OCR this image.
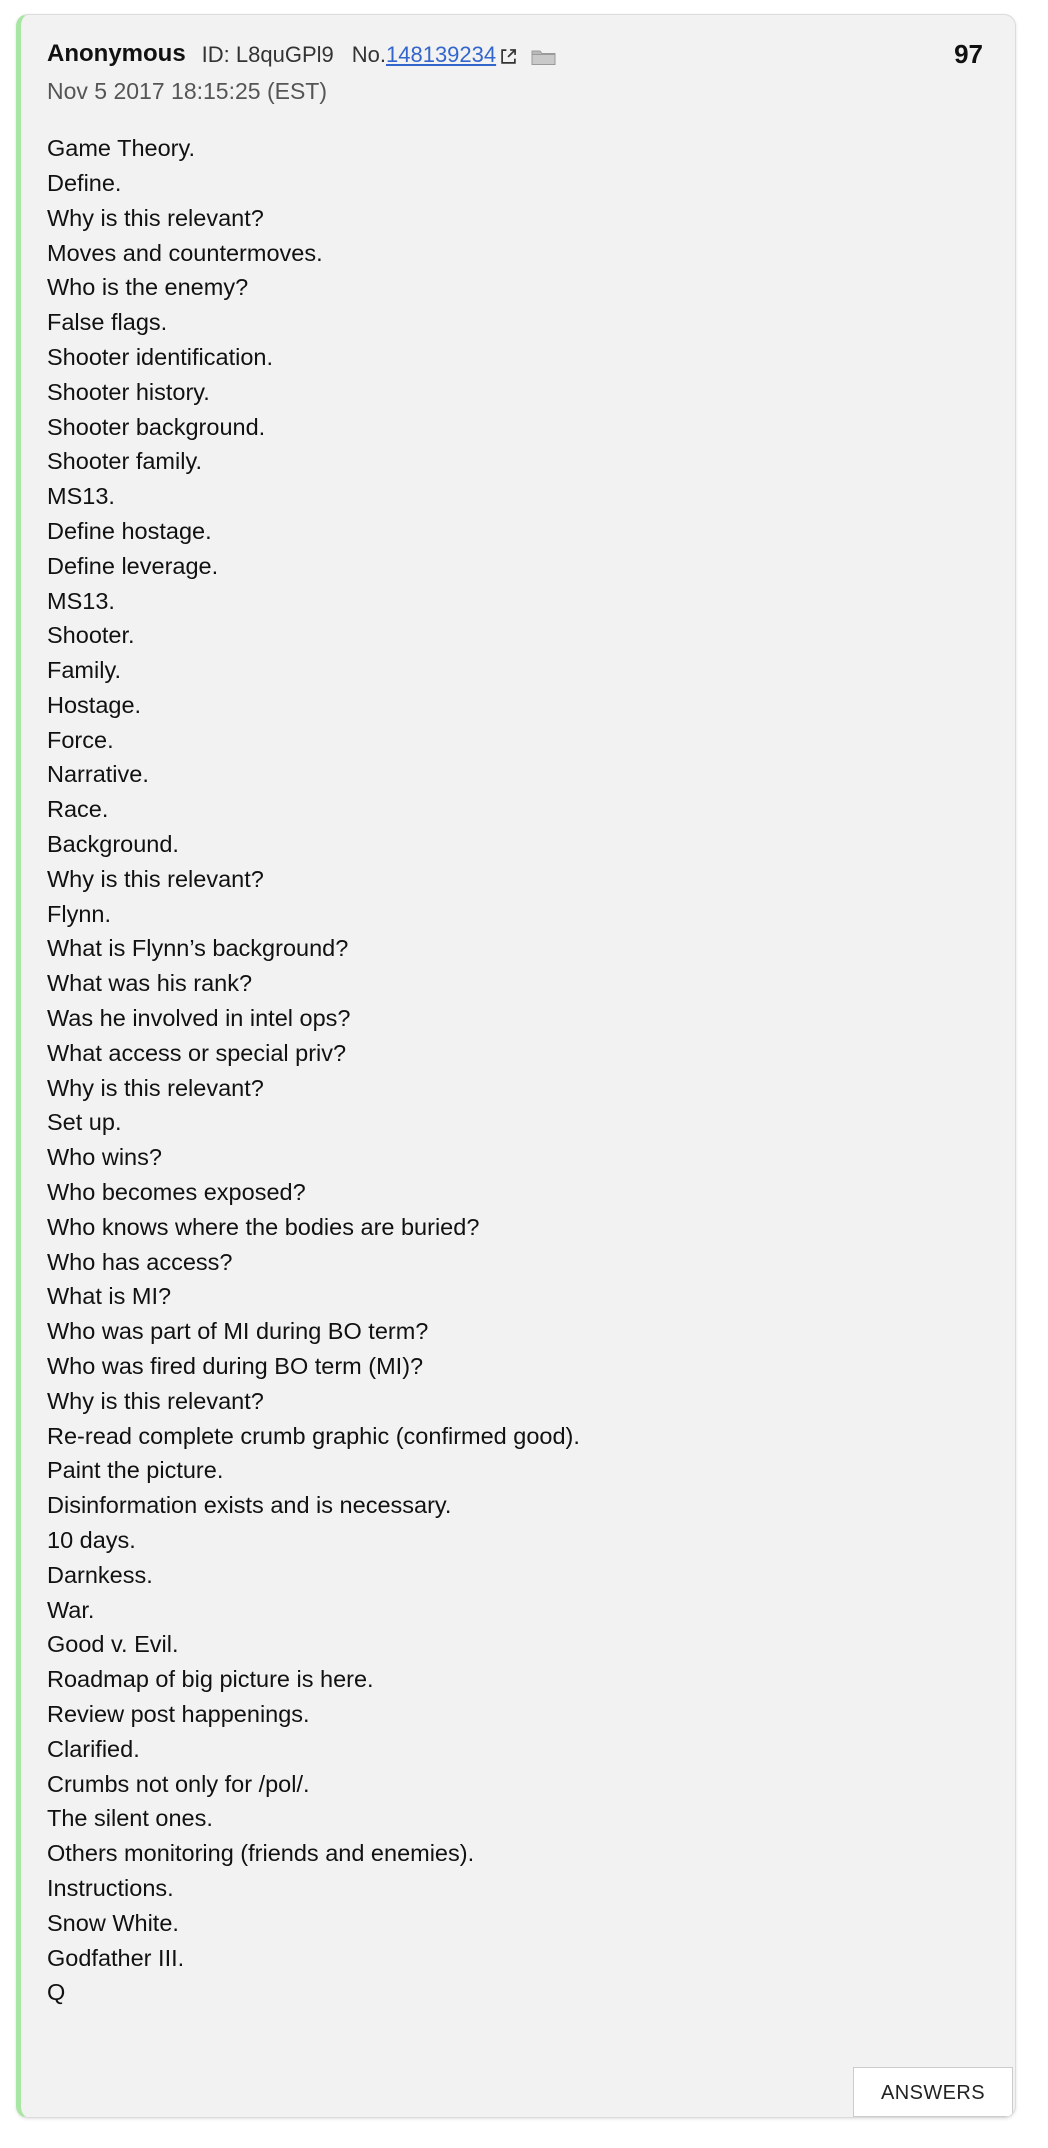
Anonymous ID: L8quGPl9 No. 148139234	97
Nov 5 2017 18:15:25 (EST)
Game Theory.
Define.
Why is this relevant?
Moves and countermoves.
Who is the enemy?
False flags.
Shooter identification.
Shooter history.
Shooter background.
Shooter family.
MS13.
Define hostage.
Define leverage.
MS13.
Shooter.
Family.
Hostage.
Force.
Narrative.
Race.
Background.
Why is this relevant?
Flynn.
What is Flynn’s background?
What was his rank?
Was he involved in intel ops?
What access or special priv?
Why is this relevant?
Set up.
Who wins?
Who becomes exposed?
Who knows where the bodies are buried?
Who has access?
What is MI?
Who was part of MI during BO term?
Who was fired during BO term (MI)?
Why is this relevant?
Re-read complete crumb graphic (confirmed good).
Paint the picture.
Disinformation exists and is necessary.
10 days.
Darnkess.
War.
Good v. Evil.
Roadmap of big picture is here.
Review post happenings.
Clarified.
Crumbs not only for /pol/.
The silent ones.
Others monitoring (friends and enemies).
Instructions.
Snow White.
Godfather III.
Q
ANSWERS
